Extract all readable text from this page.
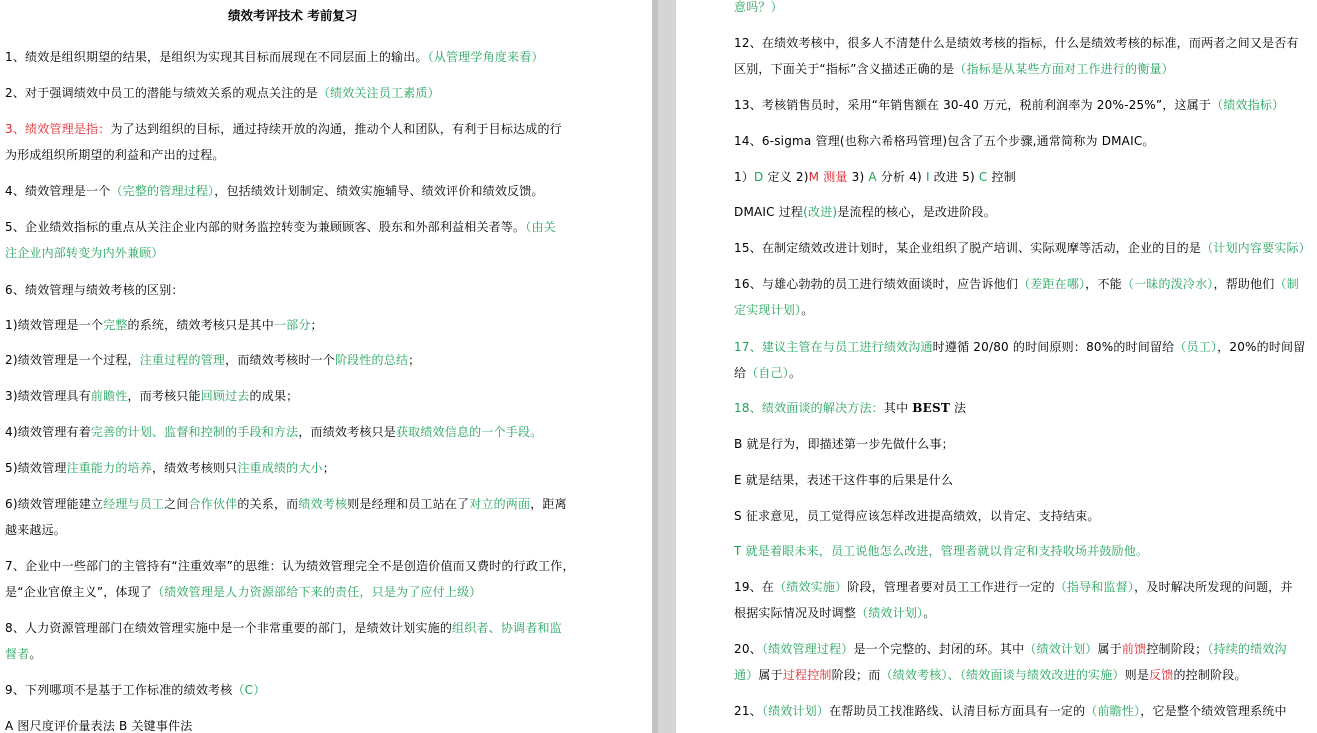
绩效考评技术 考前复习
1、绩效是组织期望的结果，是组织为实现其目标而展现在不同层面上的输出。（从管理学角度来看）
2、对于强调绩效中员工的潜能与绩效关系的观点关注的是（绩效关注员工素质）
3、绩效管理是指：为了达到组织的目标，通过持续开放的沟通，推动个人和团队，有利于目标达成的行
为形成组织所期望的利益和产出的过程。
4、绩效管理是一个（完整的管理过程），包括绩效计划制定、绩效实施辅导、绩效评价和绩效反馈。
5、企业绩效指标的重点从关注企业内部的财务监控转变为兼顾顾客、股东和外部利益相关者等。（由关
注企业内部转变为内外兼顾）
6、绩效管理与绩效考核的区别：
1)绩效管理是一个完整的系统，绩效考核只是其中一部分；
2)绩效管理是一个过程，注重过程的管理，而绩效考核时一个阶段性的总结；
3)绩效管理具有前瞻性，而考核只能回顾过去的成果；
4)绩效管理有着完善的计划、监督和控制的手段和方法，而绩效考核只是获取绩效信息的一个手段。
5)绩效管理注重能力的培养，绩效考核则只注重成绩的大小；
6)绩效管理能建立经理与员工之间合作伙伴的关系，而绩效考核则是经理和员工站在了对立的两面，距离
越来越远。
7、企业中一些部门的主管持有“注重效率”的思维：认为绩效管理完全不是创造价值而又费时的行政工作，
是“企业官僚主义”，体现了（绩效管理是人力资源部给下来的责任，只是为了应付上级）
8、人力资源管理部门在绩效管理实施中是一个非常重要的部门，是绩效计划实施的组织者、协调者和监
督者。
9、下列哪项不是基于工作标准的绩效考核（C）
A 图尺度评价量表法 B 关键事件法
意吗？）
12、在绩效考核中，很多人不清楚什么是绩效考核的指标，什么是绩效考核的标准，而两者之间又是否有
区别，下面关于“指标”含义描述正确的是（指标是从某些方面对工作进行的衡量）
13、考核销售员时，采用“年销售额在 30-40 万元，税前利润率为 20%-25%”，这属于（绩效指标）
14、6-sigma 管理(也称六希格玛管理)包含了五个步骤,通常简称为 DMAIC。
1）D 定义 2)M 测量 3) A 分析 4) I 改进 5) C 控制
DMAIC 过程(改进)是流程的核心，是改进阶段。
15、在制定绩效改进计划时，某企业组织了脱产培训、实际观摩等活动，企业的目的是（计划内容要实际）
16、与雄心勃勃的员工进行绩效面谈时，应告诉他们（差距在哪），不能（一昧的泼冷水），帮助他们（制
定实现计划）。
17、建议主管在与员工进行绩效沟通时遵循 20/80 的时间原则：80%的时间留给（员工），20%的时间留
给（自己）。
18、绩效面谈的解决方法：其中 BEST 法
B 就是行为，即描述第一步先做什么事；
E 就是结果，表述干这件事的后果是什么
S 征求意见，员工觉得应该怎样改进提高绩效，以肯定、支持结束。
T 就是着眼未来，员工说他怎么改进，管理者就以肯定和支持收场并鼓励他。
19、在（绩效实施）阶段，管理者要对员工工作进行一定的（指导和监督），及时解决所发现的问题，并
根据实际情况及时调整（绩效计划）。
20、（绩效管理过程）是一个完整的、封闭的环。其中（绩效计划）属于前馈控制阶段；（持续的绩效沟
通）属于过程控制阶段；而（绩效考核）、（绩效面谈与绩效改进的实施）则是反馈的控制阶段。
21、（绩效计划）在帮助员工找准路线、认清目标方面具有一定的（前瞻性），它是整个绩效管理系统中
